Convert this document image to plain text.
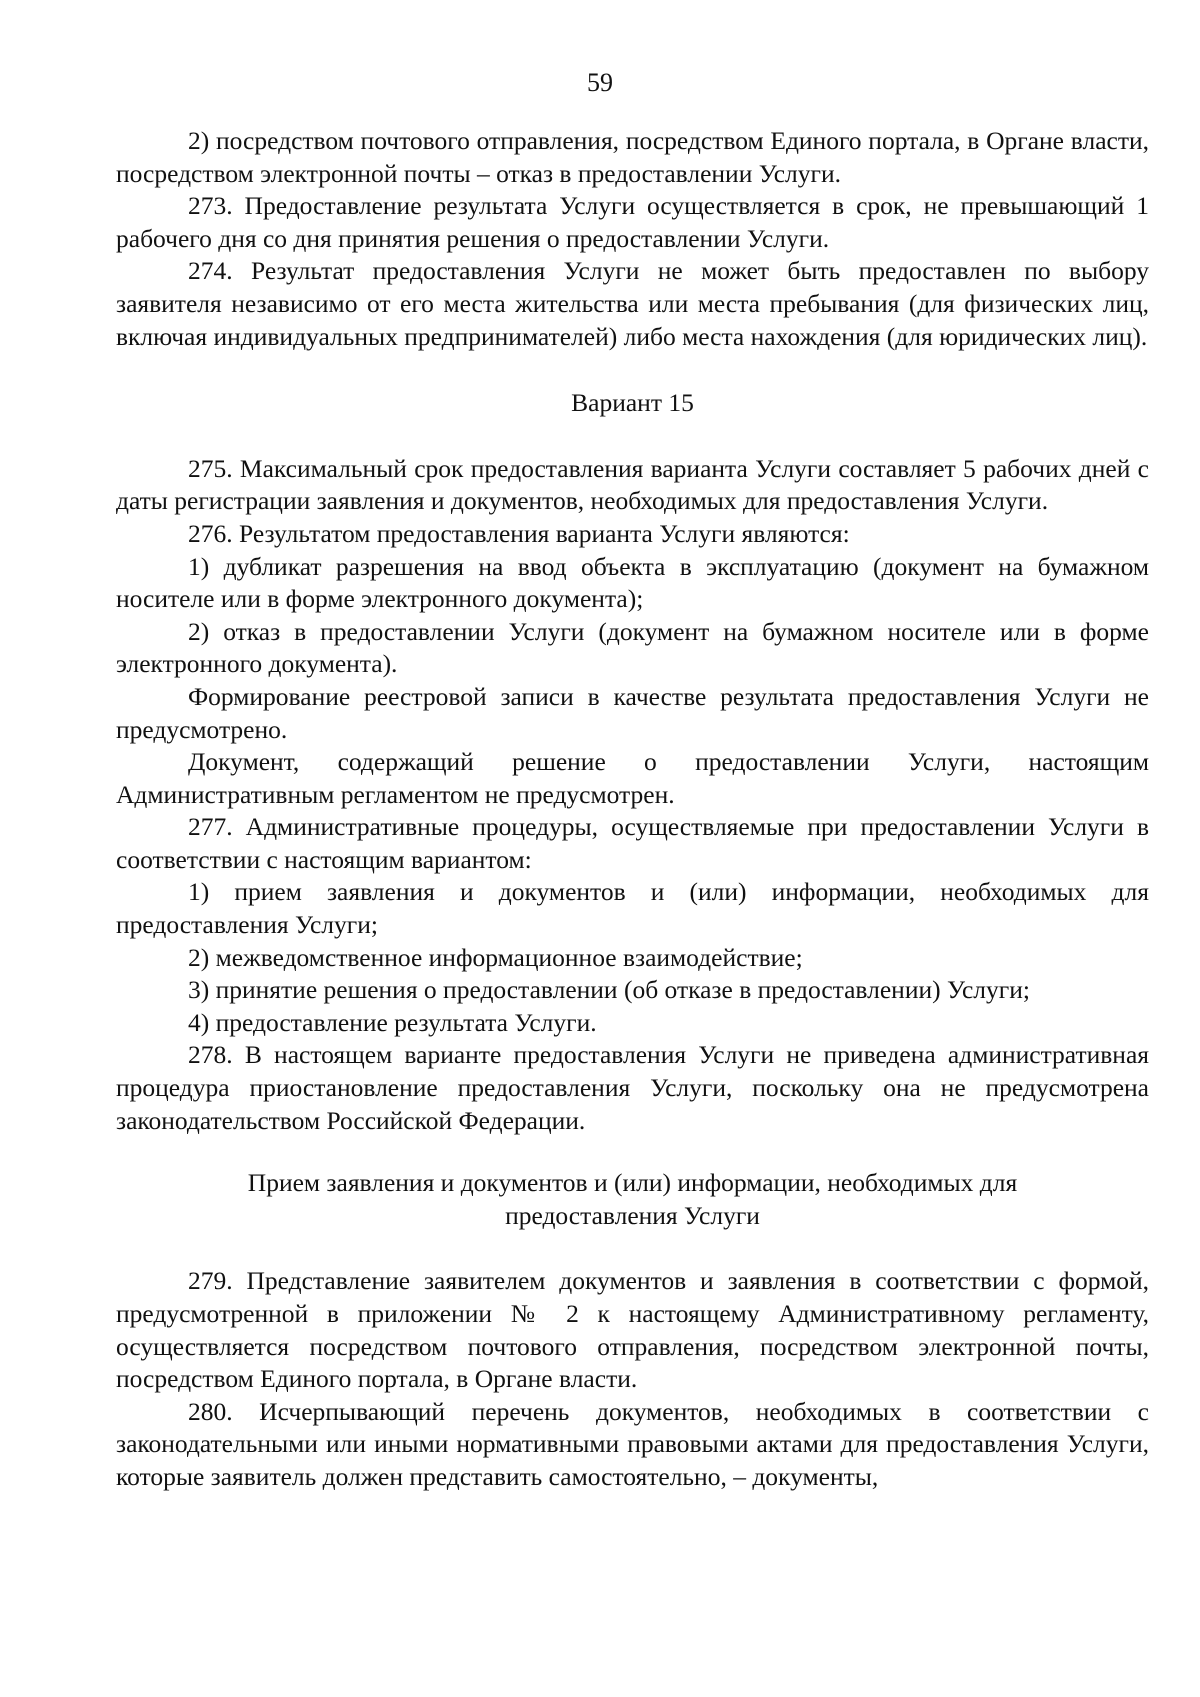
59

2) посредством почтового отправления, посредством Единого портала, в Органе власти, посредством электронной почты – отказ в предоставлении Услуги.

273. Предоставление результата Услуги осуществляется в срок, не превышающий 1 рабочего дня со дня принятия решения о предоставлении Услуги.

274. Результат предоставления Услуги не может быть предоставлен по выбору заявителя независимо от его места жительства или места пребывания (для физических лиц, включая индивидуальных предпринимателей) либо места нахождения (для юридических лиц).

Вариант 15

275. Максимальный срок предоставления варианта Услуги составляет 5 рабочих дней с даты регистрации заявления и документов, необходимых для предоставления Услуги.

276. Результатом предоставления варианта Услуги являются:

1) дубликат разрешения на ввод объекта в эксплуатацию (документ на бумажном носителе или в форме электронного документа);

2) отказ в предоставлении Услуги (документ на бумажном носителе или в форме электронного документа).

Формирование реестровой записи в качестве результата предоставления Услуги не предусмотрено.

Документ, содержащий решение о предоставлении Услуги, настоящим Административным регламентом не предусмотрен.

277. Административные процедуры, осуществляемые при предоставлении Услуги в соответствии с настоящим вариантом:

1) прием заявления и документов и (или) информации, необходимых для предоставления Услуги;

2) межведомственное информационное взаимодействие;

3) принятие решения о предоставлении (об отказе в предоставлении) Услуги;

4) предоставление результата Услуги.

278. В настоящем варианте предоставления Услуги не приведена административная процедура приостановление предоставления Услуги, поскольку она не предусмотрена законодательством Российской Федерации.

Прием заявления и документов и (или) информации, необходимых для
предоставления Услуги

279. Представление заявителем документов и заявления в соответствии с формой, предусмотренной в приложении № 2 к настоящему Административному регламенту, осуществляется посредством почтового отправления, посредством электронной почты, посредством Единого портала, в Органе власти.

280. Исчерпывающий перечень документов, необходимых в соответствии с законодательными или иными нормативными правовыми актами для предоставления Услуги, которые заявитель должен представить самостоятельно, – документы,
